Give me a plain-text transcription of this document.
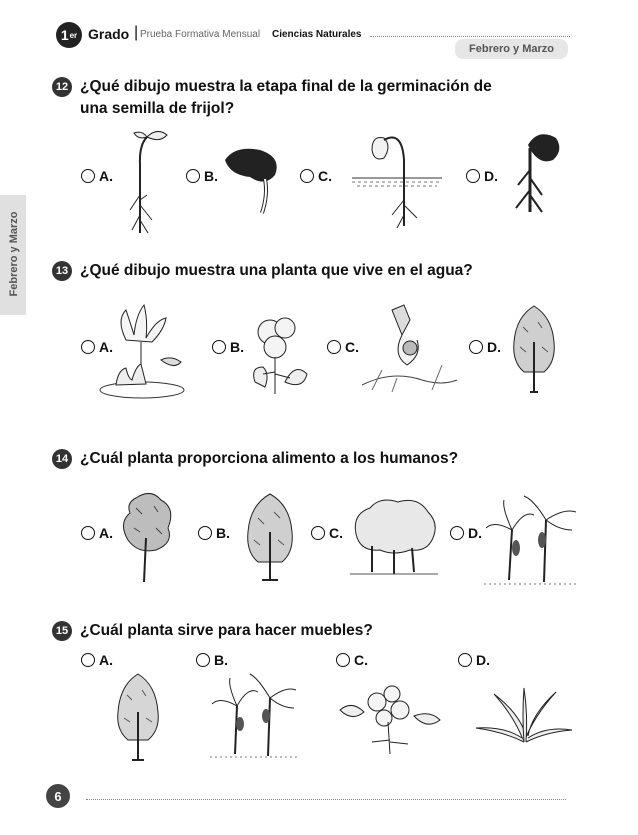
1 er Grado | Prueba Formativa Mensual Ciencias Naturales
Febrero y Marzo
Febrero y Marzo
12 ¿Qué dibujo muestra la etapa final de la germinación de
una semilla de frijol?
A.	B.	C.	D.
13 ¿Qué dibujo muestra una planta que vive en el agua?
A.	B.	C.	D.
14 ¿Cuál planta proporciona alimento a los humanos?
A.	B.	C.	D.
15 ¿Cuál planta sirve para hacer muebles?
A.	B.	C.	D.
6
